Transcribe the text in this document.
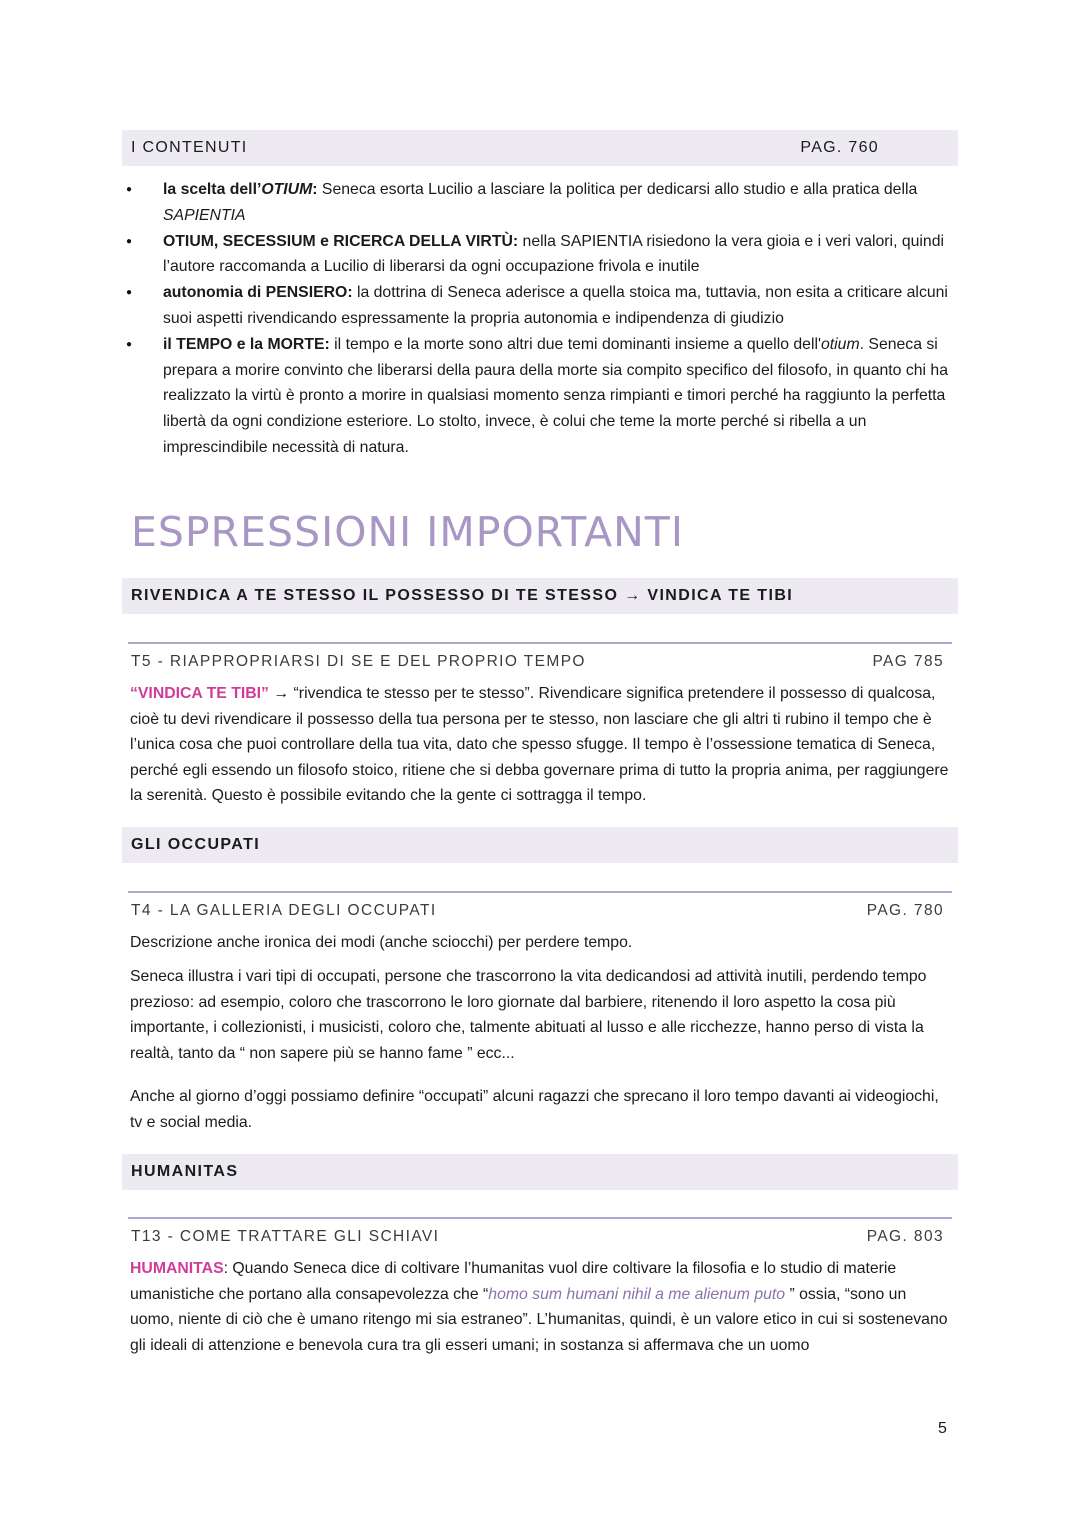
I CONTENUTI	PAG. 760
● la scelta dell’OTIUM: Seneca esorta Lucilio a lasciare la politica per dedicarsi allo studio e alla pratica della SAPIENTIA
● OTIUM, SECESSIUM e RICERCA DELLA VIRTÙ: nella SAPIENTIA risiedono la vera gioia e i veri valori, quindi l’autore raccomanda a Lucilio di liberarsi da ogni occupazione frivola e inutile
● autonomia di PENSIERO: la dottrina di Seneca aderisce a quella stoica ma, tuttavia, non esita a criticare alcuni suoi aspetti rivendicando espressamente la propria autonomia e indipendenza di giudizio
● il TEMPO e la MORTE: il tempo e la morte sono altri due temi dominanti insieme a quello dell'otium. Seneca si prepara a morire convinto che liberarsi della paura della morte sia compito specifico del filosofo, in quanto chi ha realizzato la virtù è pronto a morire in qualsiasi momento senza rimpianti e timori perché ha raggiunto la perfetta libertà da ogni condizione esteriore. Lo stolto, invece, è colui che teme la morte perché si ribella a un imprescindibile necessità di natura.
ESPRESSIONI IMPORTANTI
RIVENDICA A TE STESSO IL POSSESSO DI TE STESSO → VINDICA TE TIBI
T5 - RIAPPROPRIARSI DI SE E DEL PROPRIO TEMPO	PAG 785

“VINDICA TE TIBI” → “rivendica te stesso per te stesso”. Rivendicare significa pretendere il possesso di qualcosa, cioè tu devi rivendicare il possesso della tua persona per te stesso, non lasciare che gli altri ti rubino il tempo che è l’unica cosa che puoi controllare della tua vita, dato che spesso sfugge. Il tempo è l’ossessione tematica di Seneca, perché egli essendo un filosofo stoico, ritiene che si debba governare prima di tutto la propria anima, per raggiungere la serenità. Questo è possibile evitando che la gente ci sottragga il tempo.

GLI OCCUPATI
T4 - LA GALLERIA DEGLI OCCUPATI	PAG. 780

Descrizione anche ironica dei modi (anche sciocchi) per perdere tempo.

Seneca illustra i vari tipi di occupati, persone che trascorrono la vita dedicandosi ad attività inutili, perdendo tempo prezioso: ad esempio, coloro che trascorrono le loro giornate dal barbiere, ritenendo il loro aspetto la cosa più importante, i collezionisti, i musicisti, coloro che, talmente abituati al lusso e alle ricchezze, hanno perso di vista la realtà, tanto da “ non sapere più se hanno fame ” ecc...

Anche al giorno d’oggi possiamo definire “occupati” alcuni ragazzi che sprecano il loro tempo davanti ai videogiochi, tv e social media.

HUMANITAS
T13 - COME TRATTARE GLI SCHIAVI	PAG. 803

HUMANITAS: Quando Seneca dice di coltivare l’humanitas vuol dire coltivare la filosofia e lo studio di materie umanistiche che portano alla consapevolezza che “homo sum humani nihil a me alienum puto ” ossia, “sono un uomo, niente di ciò che è umano ritengo mi sia estraneo”. L’humanitas, quindi, è un valore etico in cui si sostenevano gli ideali di attenzione e benevola cura tra gli esseri umani; in sostanza si affermava che un uomo

5
